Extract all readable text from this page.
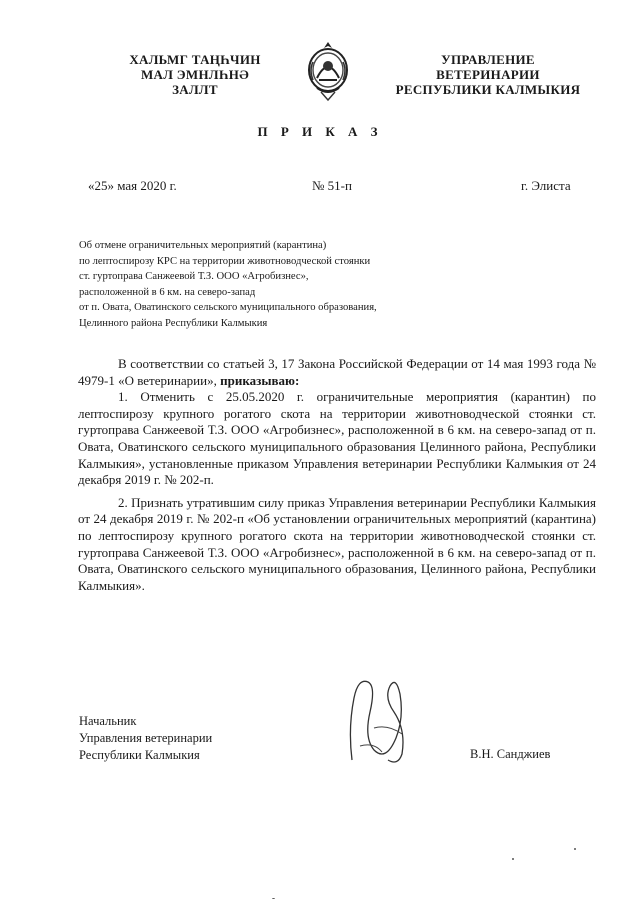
ХАЛЬМГ ТАҢҺЧИН
МАЛ ЭМНЛҺНӘ
ЗАЛЛТ
УПРАВЛЕНИЕ
ВЕТЕРИНАРИИ
РЕСПУБЛИКИ КАЛМЫКИЯ
П Р И К А З
«25» мая 2020 г.	№ 51-п	г. Элиста
Об отмене ограничительных мероприятий (карантина)
по лептоспирозу КРС на территории животноводческой стоянки
ст. гуртоправа Санжеевой Т.З. ООО «Агробизнес»,
расположенной в 6 км. на северо-запад
от п. Овата, Оватинского сельского муниципального образования,
Целинного района Республики Калмыкия

В соответствии со статьей 3, 17 Закона Российской Федерации от 14 мая 1993 года № 4979-1 «О ветеринарии», приказываю:

1. Отменить с 25.05.2020 г. ограничительные мероприятия (карантин) по лептоспирозу крупного рогатого скота на территории животноводческой стоянки ст. гуртоправа Санжеевой Т.З. ООО «Агробизнес», расположенной в 6 км. на северо-запад от п. Овата, Оватинского сельского муниципального образования Целинного района, Республики Калмыкия», установленные приказом Управления ветеринарии Республики Калмыкия от 24 декабря 2019 г. № 202-п.

2. Признать утратившим силу приказ Управления ветеринарии Республики Калмыкия от 24 декабря 2019 г. № 202-п «Об установлении ограничительных мероприятий (карантина) по лептоспирозу крупного рогатого скота на территории животноводческой стоянки ст. гуртоправа Санжеевой Т.З. ООО «Агробизнес», расположенной в 6 км. на северо-запад от п. Овата, Оватинского сельского муниципального образования, Целинного района, Республики Калмыкия».

Начальник
Управления ветеринарии
Республики Калмыкия	В.Н. Санджиев
